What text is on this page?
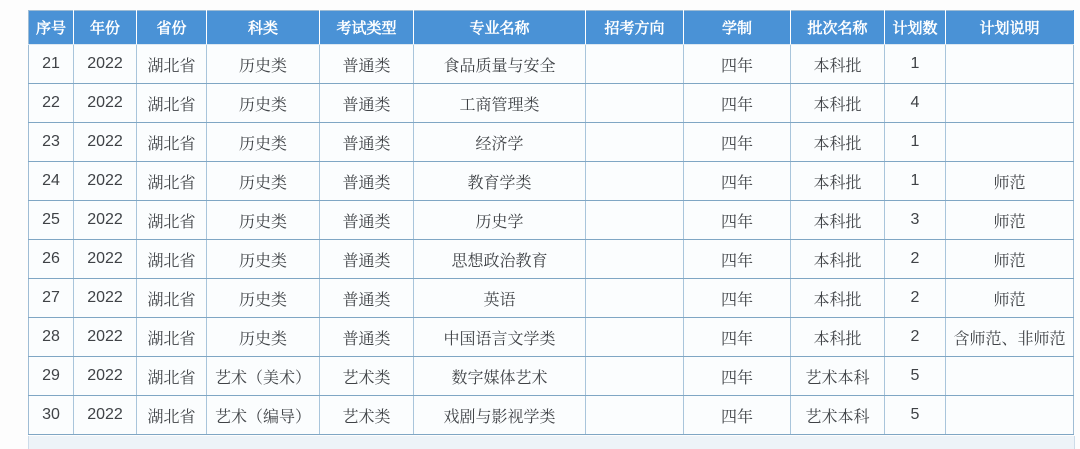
序号	年份	省份	科类	考试类型	专业名称	招考方向	学制	批次名称	计划数	计划说明
21	2022	湖北省	历史类	普通类	食品质量与安全		四年	本科批	1	
22	2022	湖北省	历史类	普通类	工商管理类		四年	本科批	4	
23	2022	湖北省	历史类	普通类	经济学		四年	本科批	1	
24	2022	湖北省	历史类	普通类	教育学类		四年	本科批	1	师范
25	2022	湖北省	历史类	普通类	历史学		四年	本科批	3	师范
26	2022	湖北省	历史类	普通类	思想政治教育		四年	本科批	2	师范
27	2022	湖北省	历史类	普通类	英语		四年	本科批	2	师范
28	2022	湖北省	历史类	普通类	中国语言文学类		四年	本科批	2	含师范、非师范
29	2022	湖北省	艺术（美术）	艺术类	数字媒体艺术		四年	艺术本科	5	
30	2022	湖北省	艺术（编导）	艺术类	戏剧与影视学类		四年	艺术本科	5	
